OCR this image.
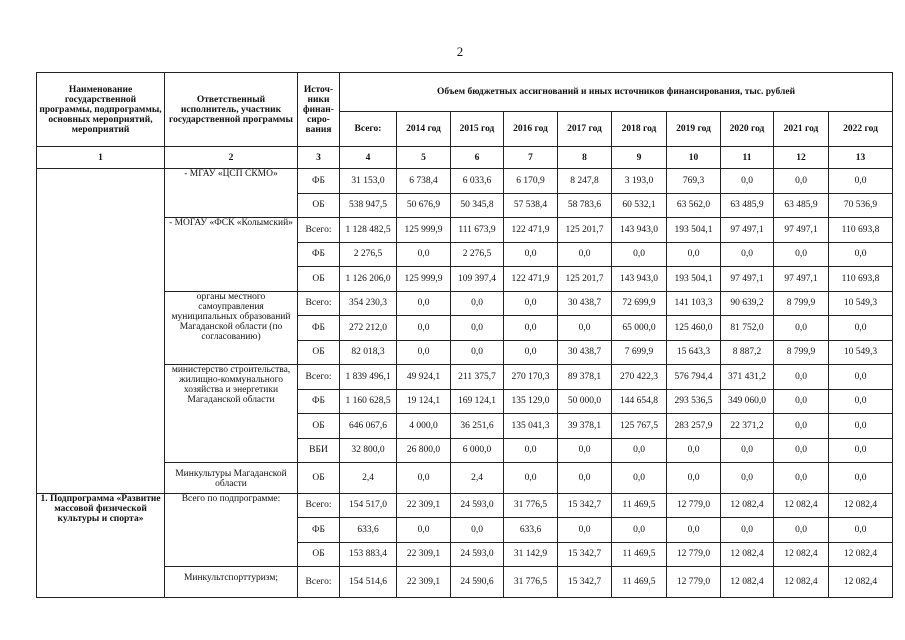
2
Наименование государственной программы, подпрограммы, основных мероприятий, мероприятий	Ответственный исполнитель, участник государственной программы	Источ-ники финан-сиро-вания	Объем бюджетных ассигнований и иных источников финансирования, тыс. рублей									
			Всего:	2014 год	2015 год	2016 год	2017 год	2018 год	2019 год	2020 год	2021 год	2022 год
1	2	3	4	5	6	7	8	9	10	11	12	13
	- МГАУ «ЦСП СКМО»	ФБ	31 153,0	6 738,4	6 033,6	6 170,9	8 247,8	3 193,0	769,3	0,0	0,0	0,0
		ОБ	538 947,5	50 676,9	50 345,8	57 538,4	58 783,6	60 532,1	63 562,0	63 485,9	63 485,9	70 536,9
	- МОГАУ «ФСК «Колымский»	Всего:	1 128 482,5	125 999,9	111 673,9	122 471,9	125 201,7	143 943,0	193 504,1	97 497,1	97 497,1	110 693,8
		ФБ	2 276,5	0,0	2 276,5	0,0	0,0	0,0	0,0	0,0	0,0	0,0
		ОБ	1 126 206,0	125 999,9	109 397,4	122 471,9	125 201,7	143 943,0	193 504,1	97 497,1	97 497,1	110 693,8
	органы местного самоуправления муниципальных образований Магаданской области (по согласованию)	Всего:	354 230,3	0,0	0,0	0,0	30 438,7	72 699,9	141 103,3	90 639,2	8 799,9	10 549,3
		ФБ	272 212,0	0,0	0,0	0,0	0,0	65 000,0	125 460,0	81 752,0	0,0	0,0
		ОБ	82 018,3	0,0	0,0	0,0	30 438,7	7 699,9	15 643,3	8 887,2	8 799,9	10 549,3
	министерство строительства, жилищно-коммунального хозяйства и энергетики Магаданской области	Всего:	1 839 496,1	49 924,1	211 375,7	270 170,3	89 378,1	270 422,3	576 794,4	371 431,2	0,0	0,0
		ФБ	1 160 628,5	19 124,1	169 124,1	135 129,0	50 000,0	144 654,8	293 536,5	349 060,0	0,0	0,0
		ОБ	646 067,6	4 000,0	36 251,6	135 041,3	39 378,1	125 767,5	283 257,9	22 371,2	0,0	0,0
		ВБИ	32 800,0	26 800,0	6 000,0	0,0	0,0	0,0	0,0	0,0	0,0	0,0
	Минкультуры Магаданской области	ОБ	2,4	0,0	2,4	0,0	0,0	0,0	0,0	0,0	0,0	0,0
1. Подпрограмма «Развитие массовой физической культуры и спорта»	Всего по подпрограмме:	Всего:	154 517,0	22 309,1	24 593,0	31 776,5	15 342,7	11 469,5	12 779,0	12 082,4	12 082,4	12 082,4
		ФБ	633,6	0,0	0,0	633,6	0,0	0,0	0,0	0,0	0,0	0,0
		ОБ	153 883,4	22 309,1	24 593,0	31 142,9	15 342,7	11 469,5	12 779,0	12 082,4	12 082,4	12 082,4
	Минкультспорттуризм;	Всего:	154 514,6	22 309,1	24 590,6	31 776,5	15 342,7	11 469,5	12 779,0	12 082,4	12 082,4	12 082,4
